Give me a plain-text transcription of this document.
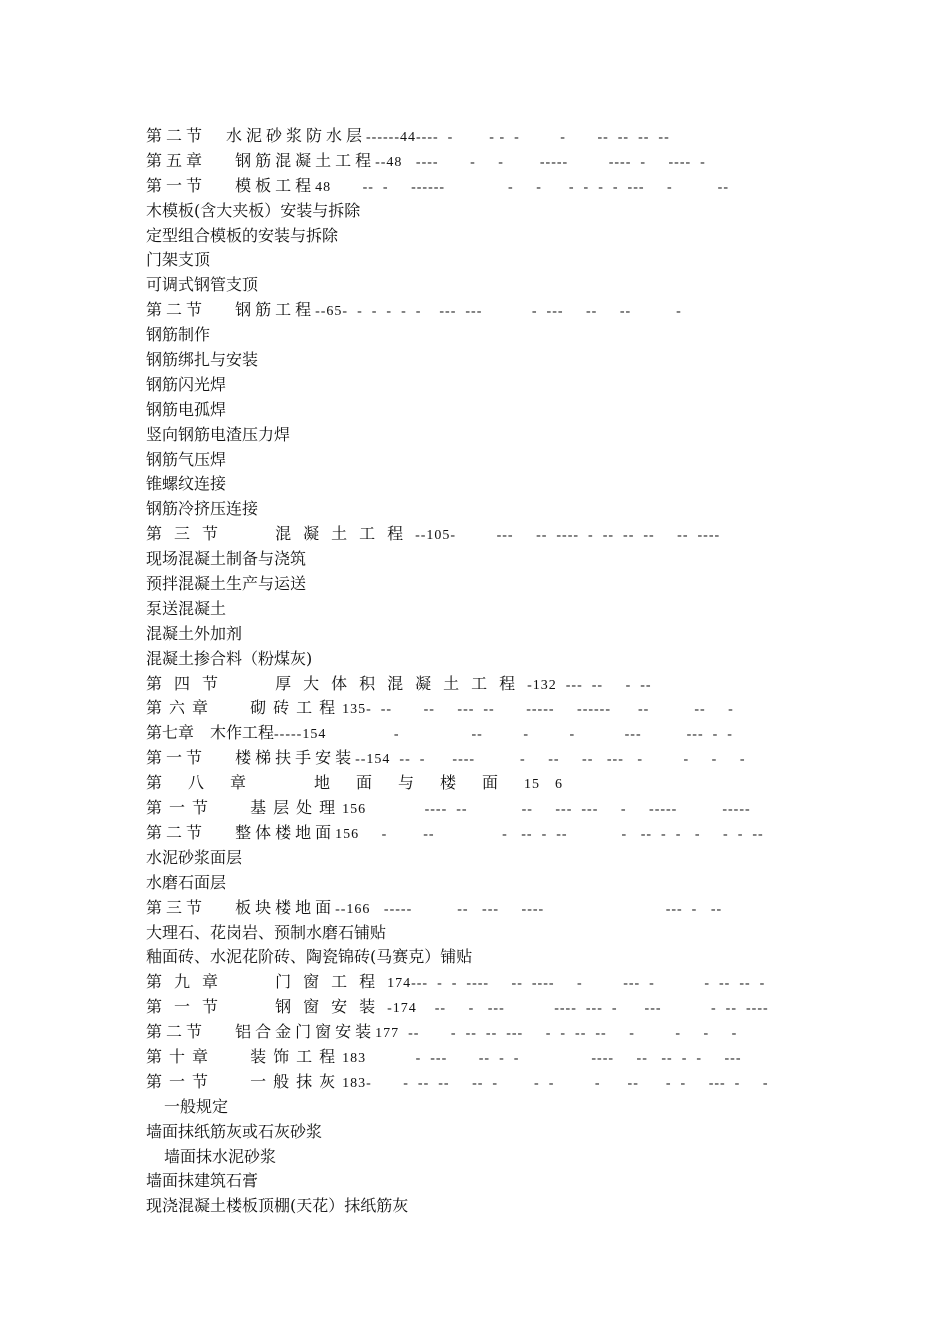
第二节　水泥砂浆防水层------44----  -        - -  -         -       --  --  --  --
第五章　 钢筋混凝土工程--48   ----       -     -        -----         ----  -     ----  -
第一节　 模板工程48       --  -     ------              -     -      -  -  -  -  ---     -          --
木模板(含大夹板）安装与拆除
定型组合模板的安装与拆除
门架支顶
可调式钢管支顶
第二节　 钢筋工程--65-  -  -  -  -  -    ---  ---           -  ---     --     --          -
钢筋制作
钢筋绑扎与安装
钢筋闪光焊
钢筋电孤焊
竖向钢筋电渣压力焊
钢筋气压焊
锥螺纹连接
钢筋冷挤压连接
第三节　 混凝土工程--105-         ---     --  ----  -  --  --  --     --  ----
现场混凝土制备与浇筑
预拌混凝土生产与运送
泵送混凝土
混凝土外加剂
混凝土掺合料（粉煤灰)
第四节　 厚大体积混凝土工程-132  ---  --     -  --
第六章　 砌砖工程135-  --       --     ---  --       -----     ------      --          --     -
第七章　木作工程-----154               -                --         -         -           ---          ---  -  -
第一节　 楼梯扶手安装--154  --  -      ----          -     --     --   ---   -         -     -     -
第八章　地面与楼面15　6
第一节　 基层处理156             ----  --            --     ---  ---     -     -----          -----
第二节　 整体楼地面156     -        --               -   --  -  --            -   --  -  -   -     -  -  --
水泥砂浆面层
水磨石面层
第三节　 板块楼地面--166   -----          --   ---     ----                           ---  -   --
大理石、花岗岩、预制水磨石铺贴
釉面砖、水泥花阶砖、陶瓷锦砖(马赛克）铺贴
第九章　 门窗工程174---  -  -  ----     --  ----     -         ---  -           -  --  --  -
第一节　 钢窗安装-174    --     -   ---           ----  ---  -      ---           -  --  ----
第二节　 铝合金门窗安装177  --       -  --  --  ---     -  -  --  --     -         -     -     -
第十章　 装饰工程183           -  ---       --  -  -                ----     --   --  -  -     ---
第一节　 一般抹灰183-       -  --  --     --  -        -  -         -      --      -  -     ---  -     -
一般规定
墙面抹纸筋灰或石灰砂浆
墙面抹水泥砂浆
墙面抹建筑石膏
现浇混凝土楼板顶棚(天花）抹纸筋灰
